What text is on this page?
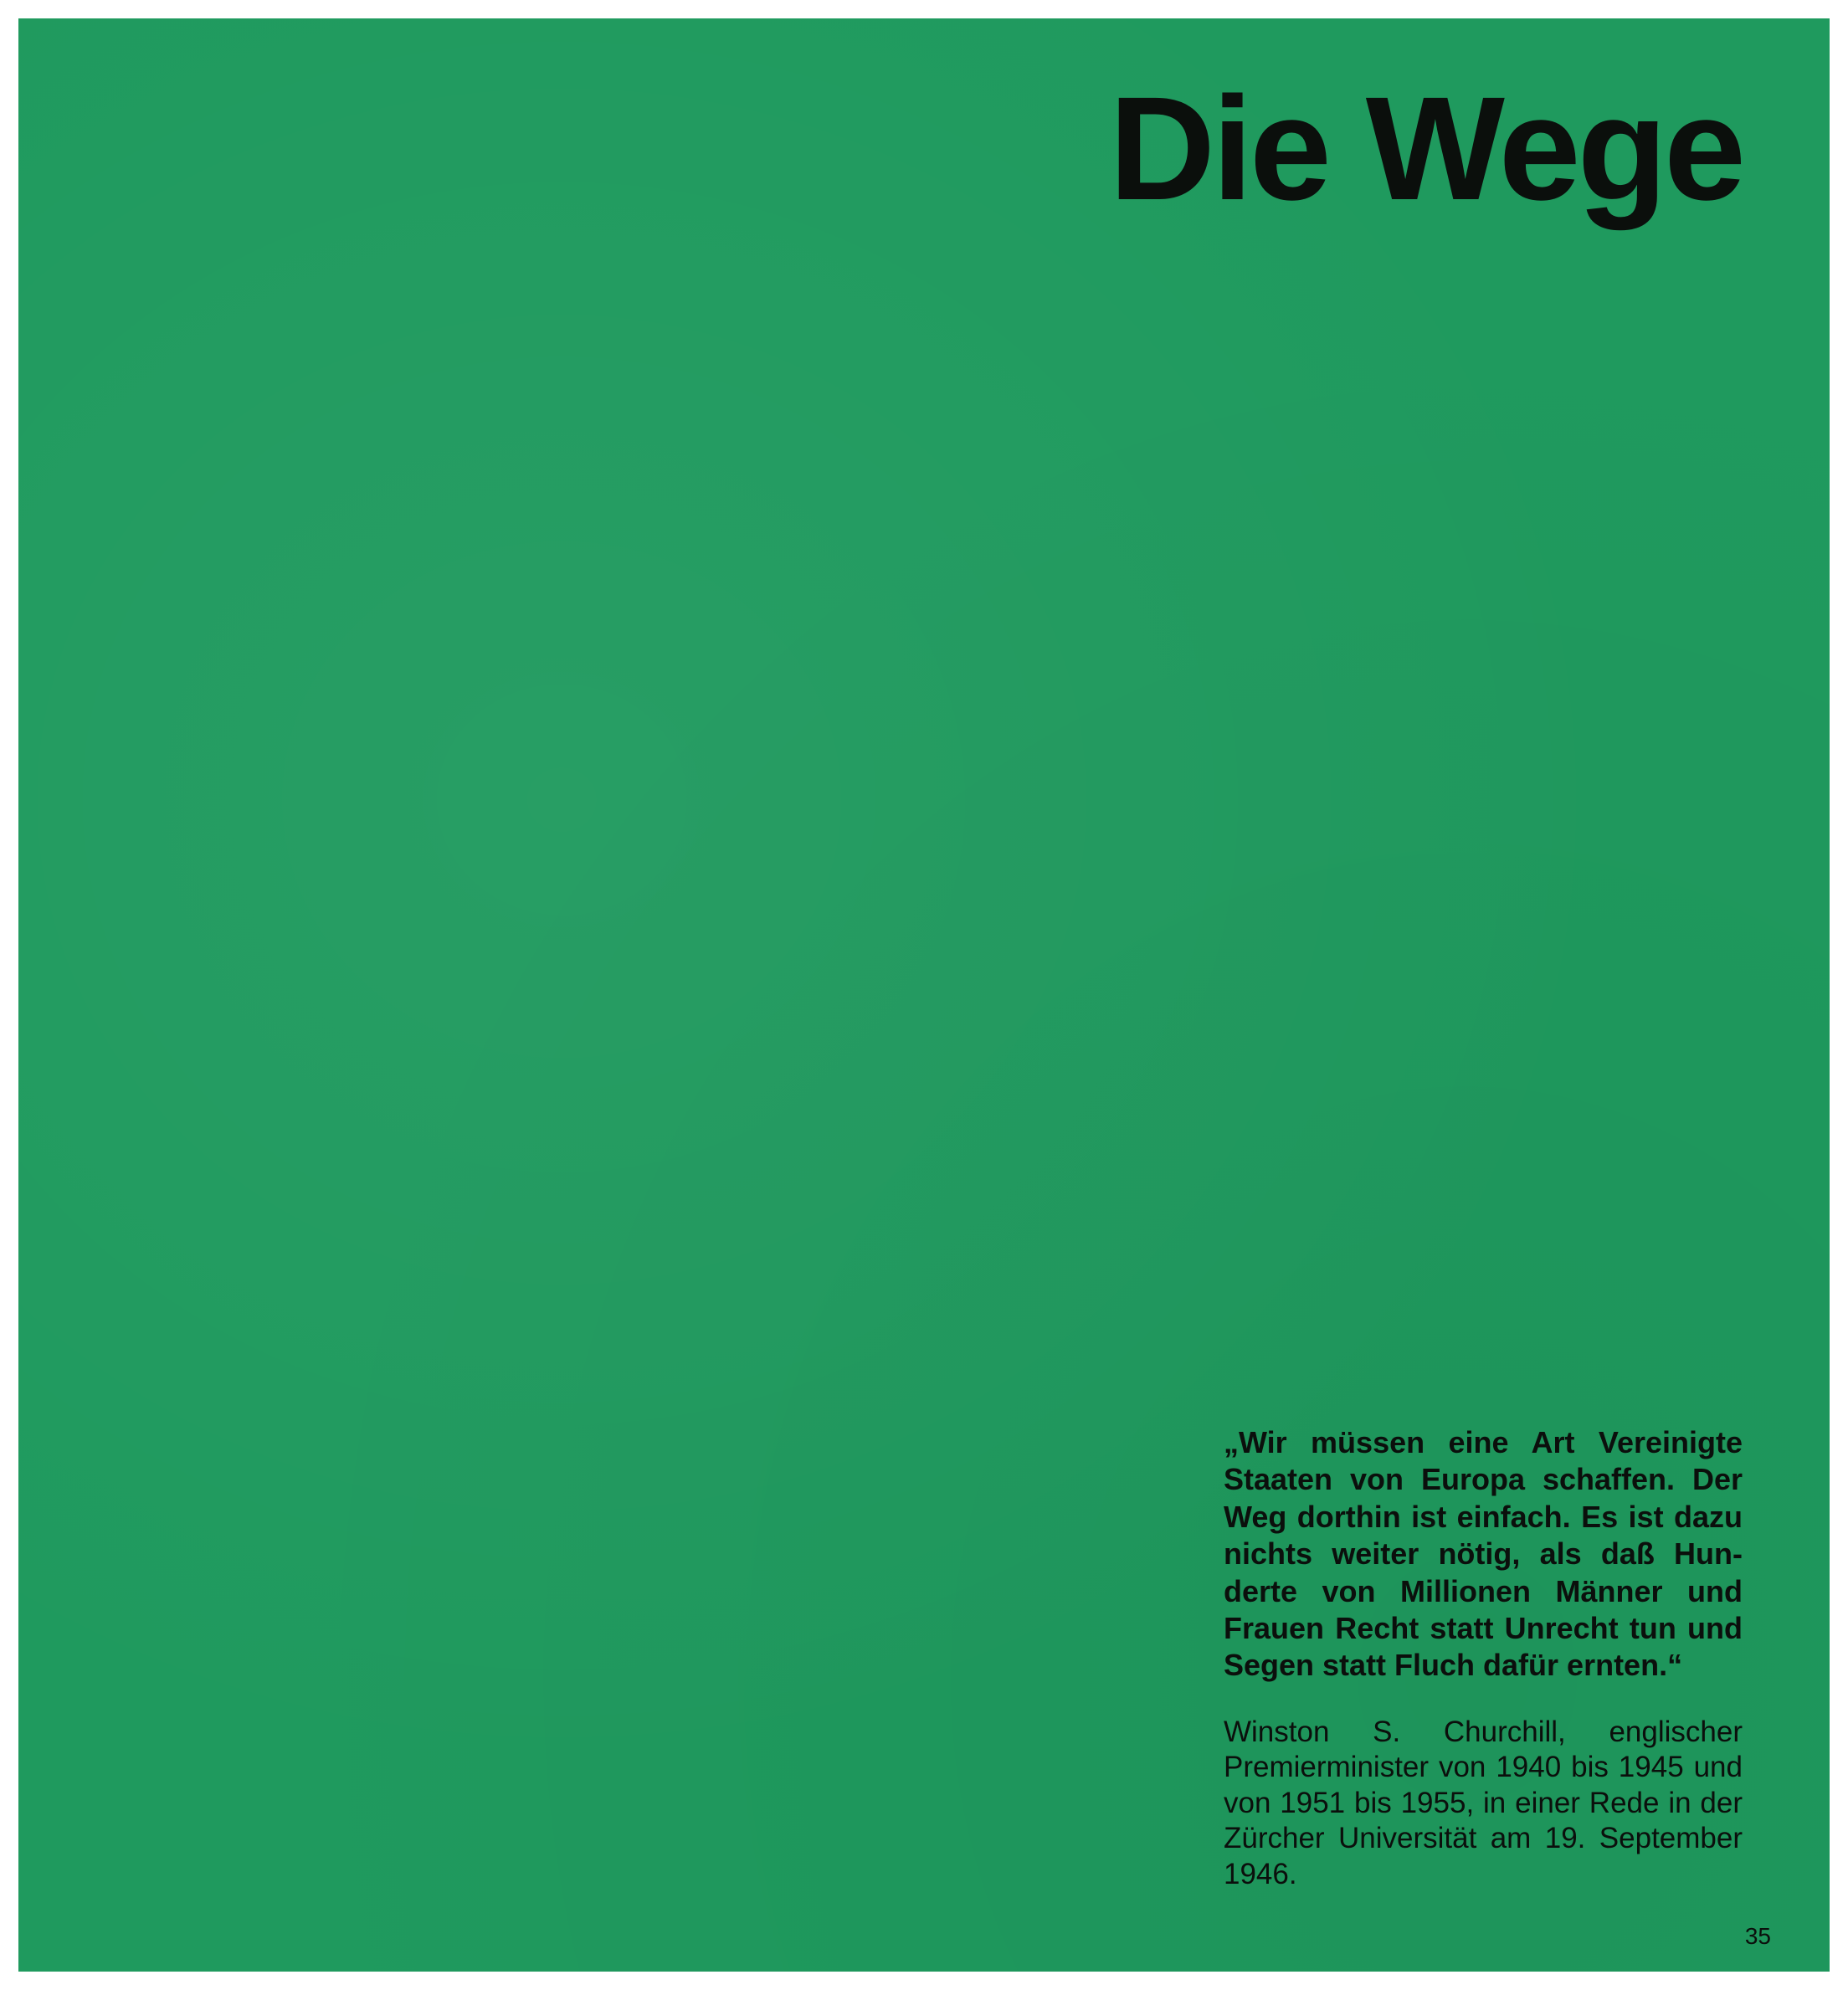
Die Wege

„Wir müssen eine Art Vereinigte Staaten von Europa schaffen. Der Weg dorthin ist einfach. Es ist dazu nichts weiter nötig, als daß Hunderte von Millionen Männer und Frauen Recht statt Unrecht tun und Segen statt Fluch dafür ernten.“

Winston S. Churchill, englischer Premierminister von 1940 bis 1945 und von 1951 bis 1955, in einer Rede in der Zürcher Universität am 19. September 1946.

35
